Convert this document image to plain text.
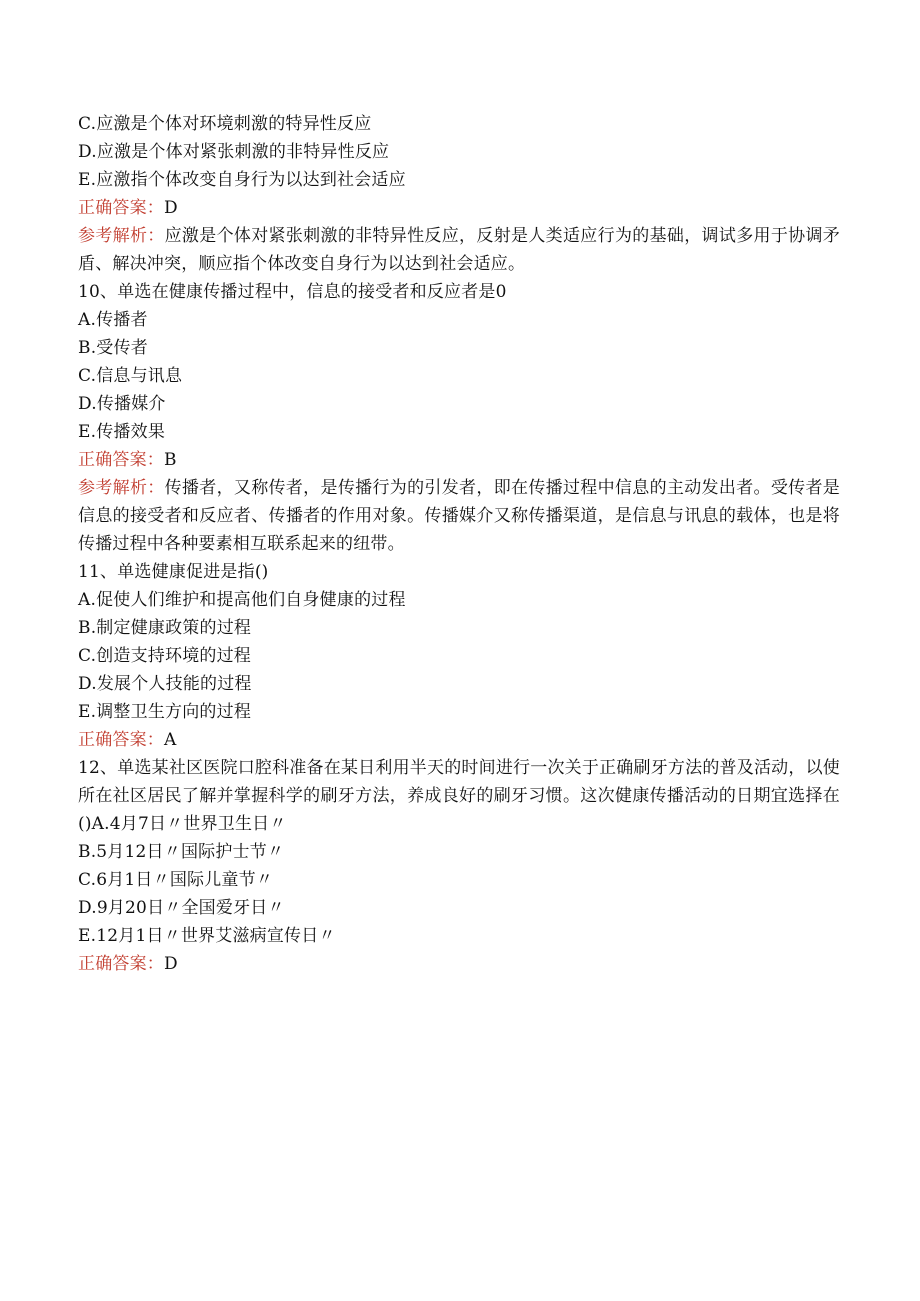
C.应激是个体对环境刺激的特异性反应
D.应激是个体对紧张刺激的非特异性反应
E.应激指个体改变自身行为以达到社会适应
正确答案：D
参考解析：应激是个体对紧张刺激的非特异性反应，反射是人类适应行为的基础，调试多用于协调矛盾、解决冲突，顺应指个体改变自身行为以达到社会适应。
10、单选在健康传播过程中，信息的接受者和反应者是0
A.传播者
B.受传者
C.信息与讯息
D.传播媒介
E.传播效果
正确答案：B
参考解析：传播者，又称传者，是传播行为的引发者，即在传播过程中信息的主动发出者。受传者是信息的接受者和反应者、传播者的作用对象。传播媒介又称传播渠道，是信息与讯息的载体，也是将传播过程中各种要素相互联系起来的纽带。
11、单选健康促进是指()
A.促使人们维护和提高他们自身健康的过程
B.制定健康政策的过程
C.创造支持环境的过程
D.发展个人技能的过程
E.调整卫生方向的过程
正确答案：A
12、单选某社区医院口腔科准备在某日利用半天的时间进行一次关于正确刷牙方法的普及活动，以使所在社区居民了解并掌握科学的刷牙方法，养成良好的刷牙习惯。这次健康传播活动的日期宜选择在()A.4月7日〃世界卫生日〃
B.5月12日〃国际护士节〃
C.6月1日〃国际儿童节〃
D.9月20日〃全国爱牙日〃
E.12月1日〃世界艾滋病宣传日〃
正确答案：D
